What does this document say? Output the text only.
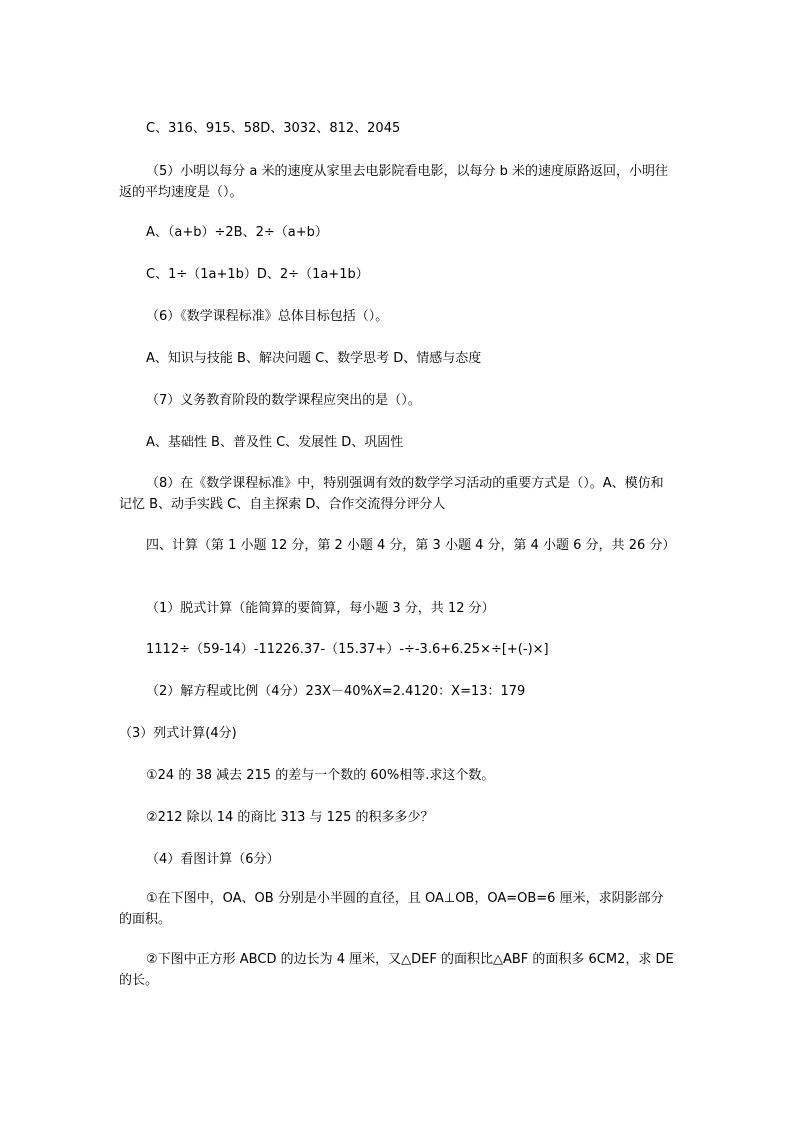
C、316、915、58D、3032、812、2045
（5）小明以每分 a 米的速度从家里去电影院看电影，以每分 b 米的速度原路返回，小明往返的平均速度是（）。
A、（a+b）÷2B、2÷（a+b）
C、1÷（1a+1b）D、2÷（1a+1b）
（6）《数学课程标准》总体目标包括（）。
A、知识与技能 B、解决问题 C、数学思考 D、情感与态度
（7）义务教育阶段的数学课程应突出的是（）。
A、基础性 B、普及性 C、发展性 D、巩固性
（8）在《数学课程标准》中，特别强调有效的数学学习活动的重要方式是（）。A、模仿和记忆 B、动手实践 C、自主探索 D、合作交流得分评分人
四、计算（第 1 小题 12 分，第 2 小题 4 分，第 3 小题 4 分，第 4 小题 6 分，共 26 分）
（1）脱式计算（能简算的要简算，每小题 3 分，共 12 分）
1112÷（59-14）-11226.37-（15.37+）-÷-3.6+6.25×÷[+(-)×]
（2）解方程或比例（4分）23X－40%X=2.4120：X=13：179
（3）列式计算(4分)
①24 的 38 减去 215 的差与一个数的 60%相等.求这个数。
②212 除以 14 的商比 313 与 125 的积多多少？
（4）看图计算（6分）
①在下图中，OA、OB 分别是小半圆的直径，且 OA⊥OB，OA=OB=6 厘米，求阴影部分的面积。
②下图中正方形 ABCD 的边长为 4 厘米，又△DEF 的面积比△ABF 的面积多 6CM2，求 DE 的长。
